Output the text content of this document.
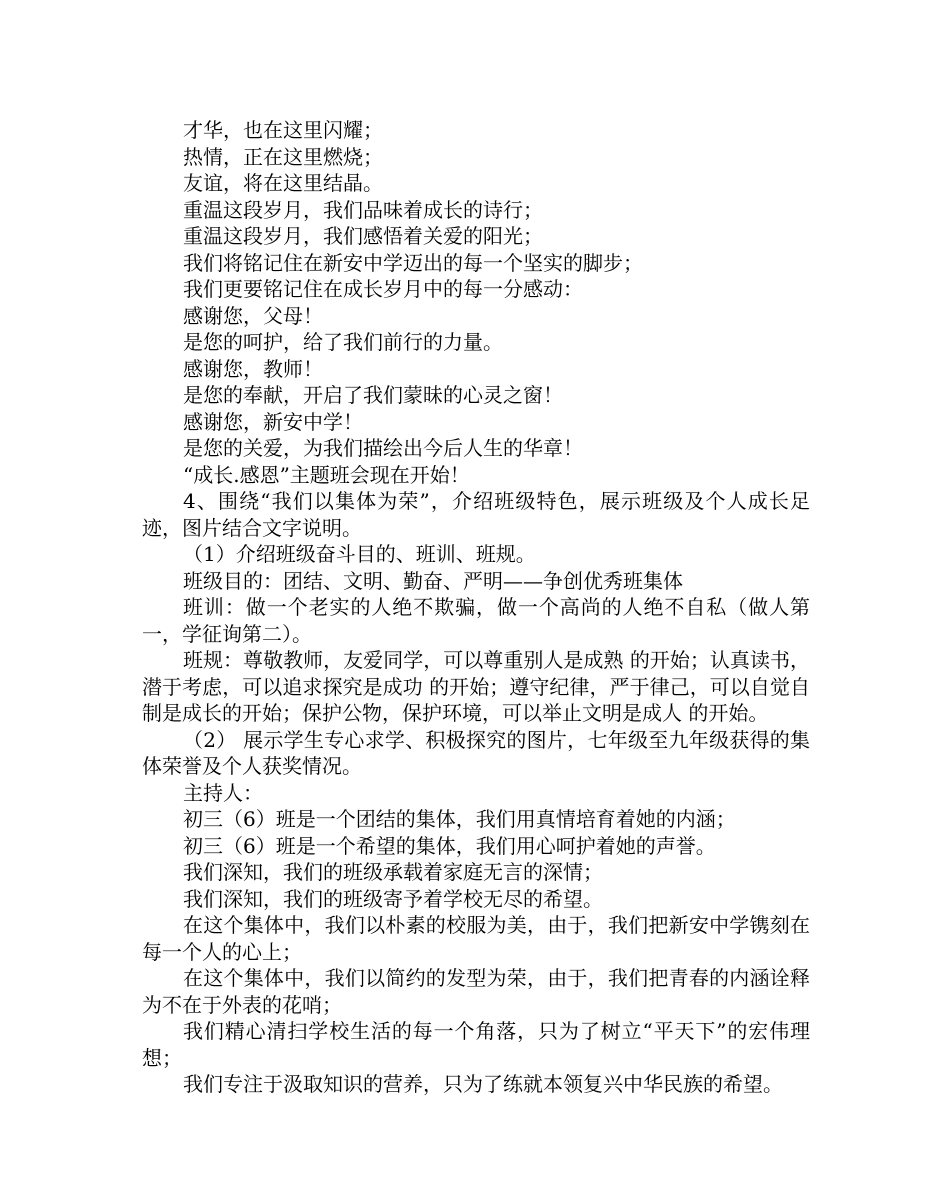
才华，也在这里闪耀；

热情，正在这里燃烧；

友谊，将在这里结晶。

重温这段岁月，我们品味着成长的诗行；

重温这段岁月，我们感悟着关爱的阳光；

我们将铭记住在新安中学迈出的每一个坚实的脚步；

我们更要铭记住在成长岁月中的每一分感动：

感谢您，父母！

是您的呵护，给了我们前行的力量。

感谢您，教师！

是您的奉献，开启了我们蒙昧的心灵之窗！

感谢您，新安中学！

是您的关爱，为我们描绘出今后人生的华章！

“成长.感恩”主题班会现在开始！

4、围绕“我们以集体为荣”，介绍班级特色，展示班级及个人成长足迹，图片结合文字说明。

（1）介绍班级奋斗目的、班训、班规。

班级目的：团结、文明、勤奋、严明——争创优秀班集体

班训：做一个老实的人绝不欺骗，做一个高尚的人绝不自私（做人第一，学征询第二）。

班规：尊敬教师，友爱同学，可以尊重别人是成熟 的开始；认真读书，潜于考虑，可以追求探究是成功 的开始；遵守纪律，严于律己，可以自觉自制是成长的开始；保护公物，保护环境，可以举止文明是成人 的开始。

（2） 展示学生专心求学、积极探究的图片，七年级至九年级获得的集体荣誉及个人获奖情况。

主持人：

初三（6）班是一个团结的集体，我们用真情培育着她的内涵；

初三（6）班是一个希望的集体，我们用心呵护着她的声誉。

我们深知，我们的班级承载着家庭无言的深情；

我们深知，我们的班级寄予着学校无尽的希望。

在这个集体中，我们以朴素的校服为美，由于，我们把新安中学镌刻在每一个人的心上；

在这个集体中，我们以简约的发型为荣，由于，我们把青春的内涵诠释为不在于外表的花哨；

我们精心清扫学校生活的每一个角落，只为了树立“平天下”的宏伟理想；

我们专注于汲取知识的营养，只为了练就本领复兴中华民族的希望。
